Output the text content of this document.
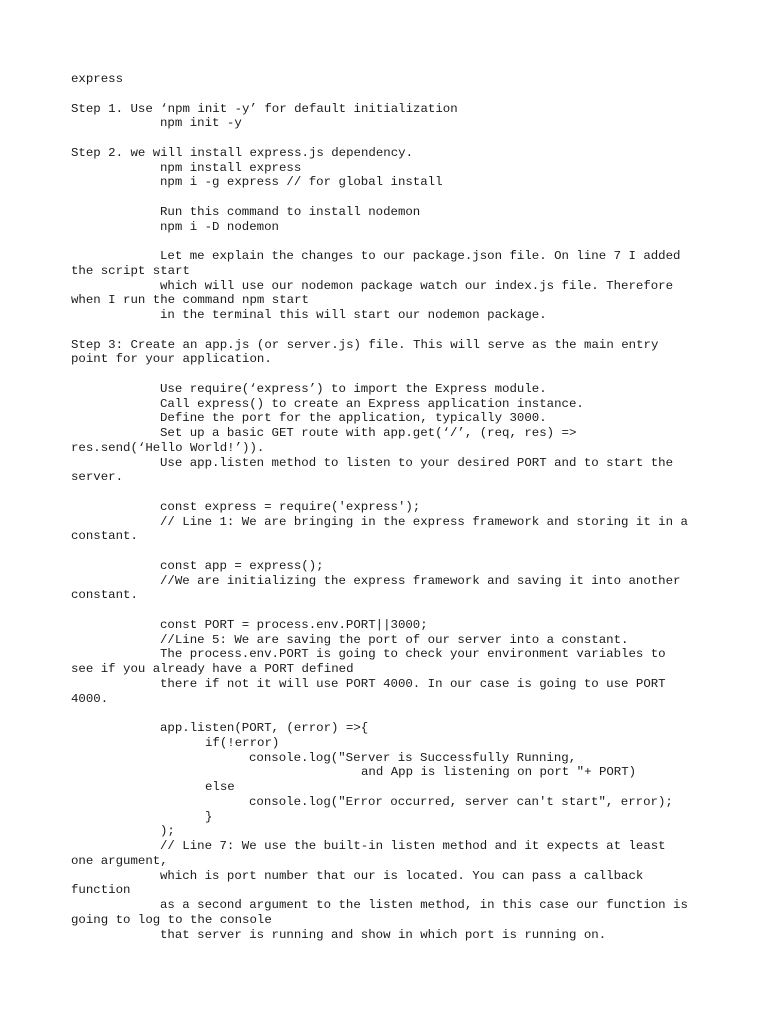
express
Step 1. Use ‘npm init -y’ for default initialization
npm init -y
Step 2. we will install express.js dependency.
npm install express
npm i -g express // for global install
Run this command to install nodemon
npm i -D nodemon
Let me explain the changes to our package.json file. On line 7 I added
the script start
which will use our nodemon package watch our index.js file. Therefore
when I run the command npm start
in the terminal this will start our nodemon package.
Step 3: Create an app.js (or server.js) file. This will serve as the main entry
point for your application.
Use require(‘express’) to import the Express module.
Call express() to create an Express application instance.
Define the port for the application, typically 3000.
Set up a basic GET route with app.get(‘/’, (req, res) =>
res.send(‘Hello World!’)).
Use app.listen method to listen to your desired PORT and to start the
server.
const express = require('express');
// Line 1: We are bringing in the express framework and storing it in a
constant.
const app = express();
//We are initializing the express framework and saving it into another
constant.
const PORT = process.env.PORT||3000;
//Line 5: We are saving the port of our server into a constant.
The process.env.PORT is going to check your environment variables to
see if you already have a PORT defined
there if not it will use PORT 4000. In our case is going to use PORT
4000.
app.listen(PORT, (error) =>{
if(!error)
console.log("Server is Successfully Running,
and App is listening on port "+ PORT)
else
console.log("Error occurred, server can't start", error);
}
);
// Line 7: We use the built-in listen method and it expects at least
one argument,
which is port number that our is located. You can pass a callback
function
as a second argument to the listen method, in this case our function is
going to log to the console
that server is running and show in which port is running on.
